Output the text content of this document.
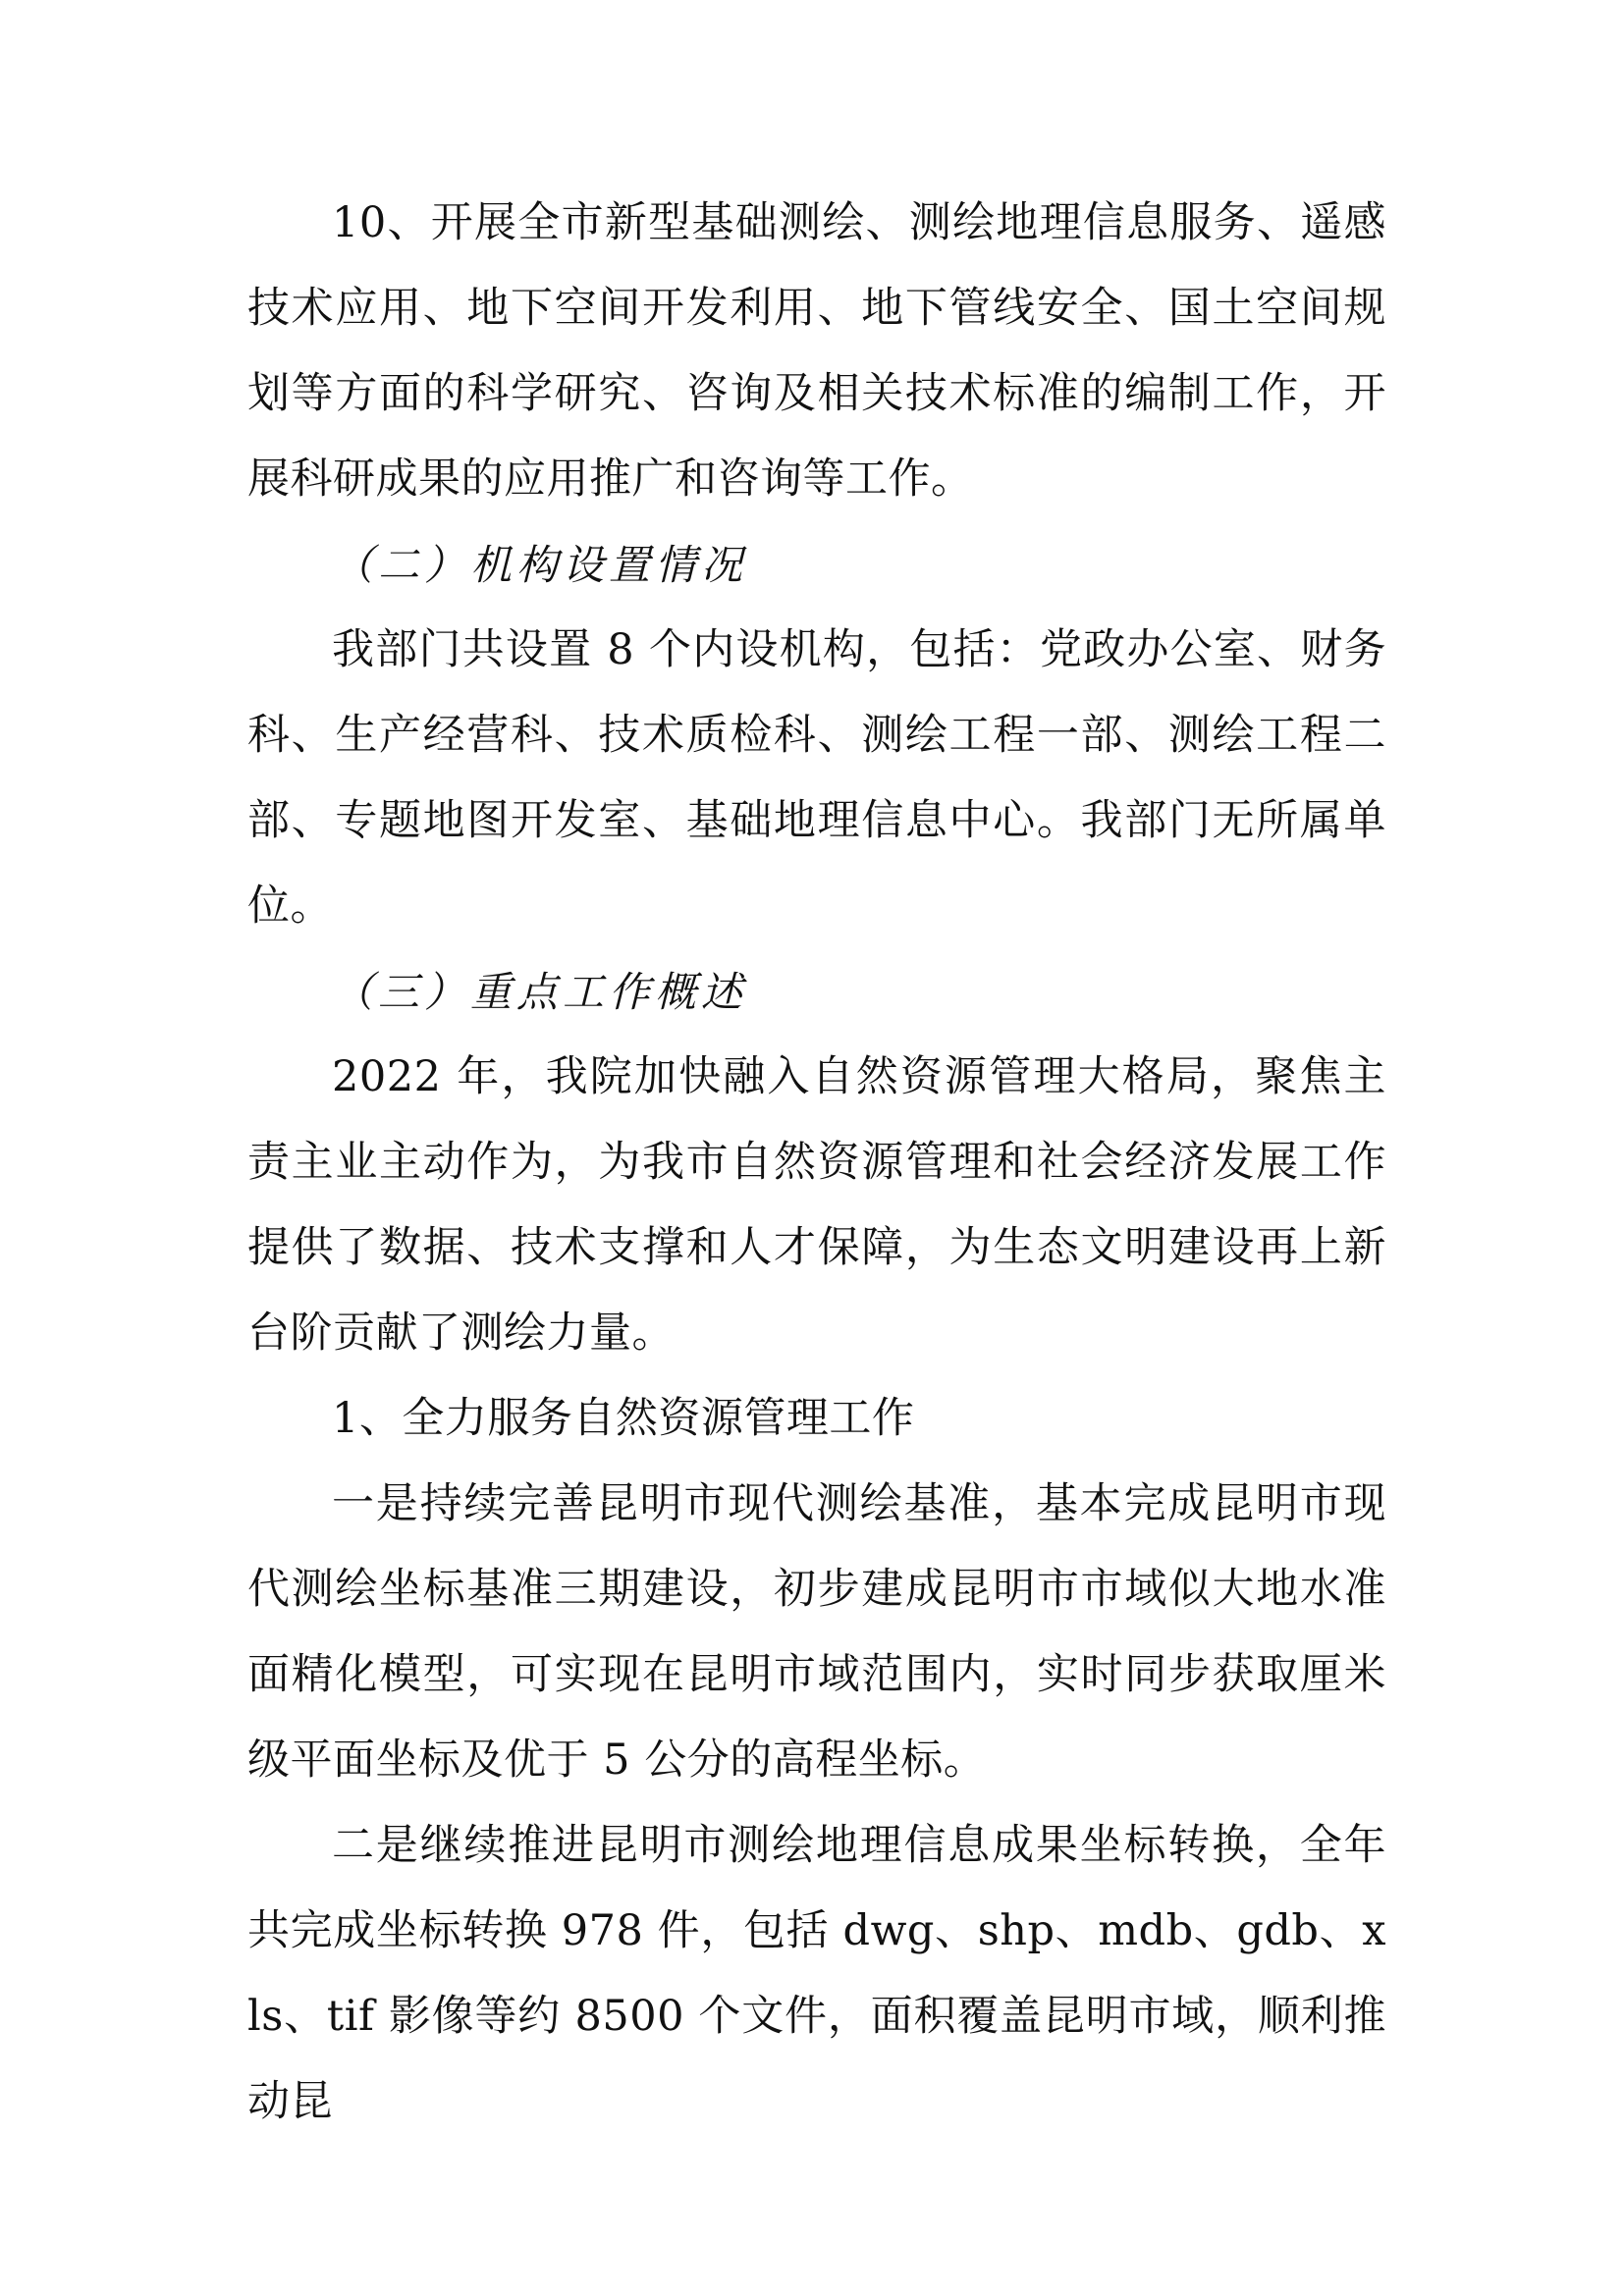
10、开展全市新型基础测绘、测绘地理信息服务、遥感技术应用、地下空间开发利用、地下管线安全、国土空间规划等方面的科学研究、咨询及相关技术标准的编制工作，开展科研成果的应用推广和咨询等工作。

（二）机构设置情况

我部门共设置 8 个内设机构，包括：党政办公室、财务科、生产经营科、技术质检科、测绘工程一部、测绘工程二部、专题地图开发室、基础地理信息中心。我部门无所属单位。

（三）重点工作概述

2022 年，我院加快融入自然资源管理大格局，聚焦主责主业主动作为，为我市自然资源管理和社会经济发展工作提供了数据、技术支撑和人才保障，为生态文明建设再上新台阶贡献了测绘力量。

1、全力服务自然资源管理工作

一是持续完善昆明市现代测绘基准，基本完成昆明市现代测绘坐标基准三期建设，初步建成昆明市市域似大地水准面精化模型，可实现在昆明市域范围内，实时同步获取厘米级平面坐标及优于 5 公分的高程坐标。

二是继续推进昆明市测绘地理信息成果坐标转换，全年共完成坐标转换 978 件，包括 dwg、shp、mdb、gdb、xls、tif 影像等约 8500 个文件，面积覆盖昆明市域，顺利推动昆
